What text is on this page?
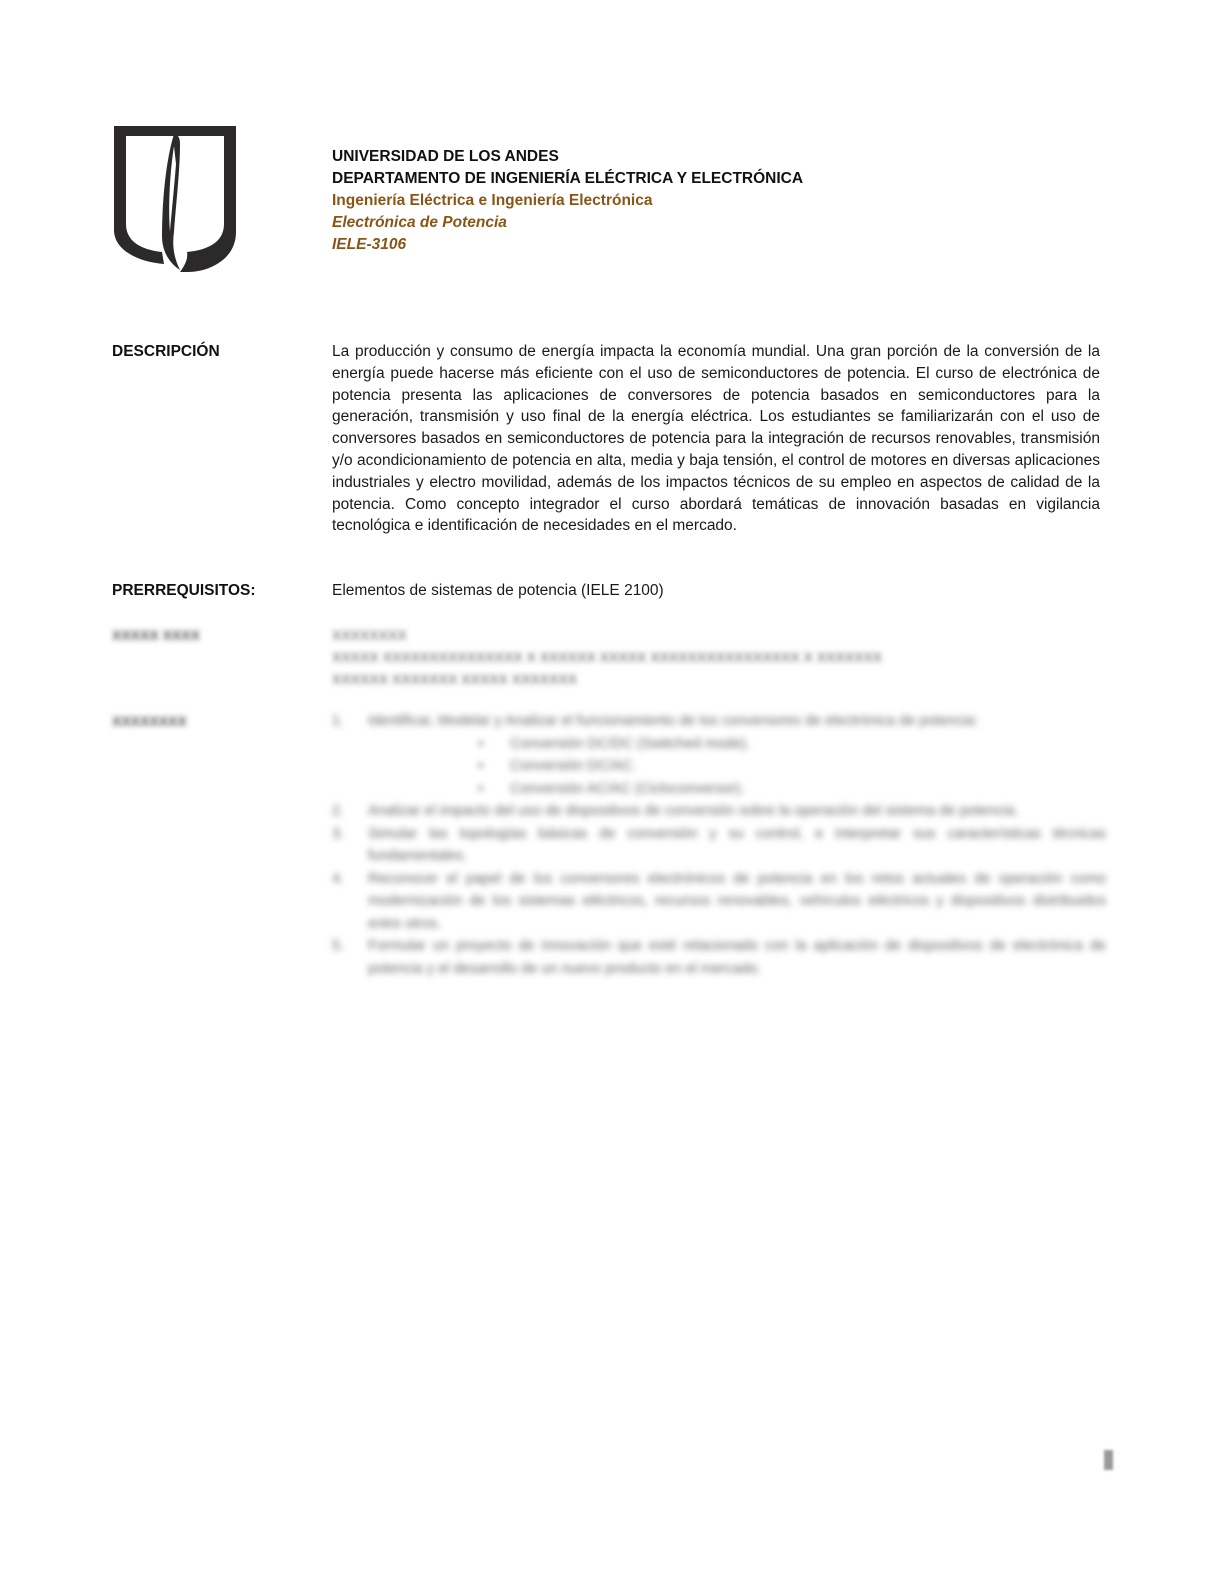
UNIVERSIDAD DE LOS ANDES
DEPARTAMENTO DE INGENIERÍA ELÉCTRICA Y ELECTRÓNICA
Ingeniería Eléctrica e Ingeniería Electrónica
Electrónica de Potencia
IELE-3106
DESCRIPCIÓN	La producción y consumo de energía impacta la economía mundial. Una gran porción de la conversión de la energía puede hacerse más eficiente con el uso de semiconductores de potencia. El curso de electrónica de potencia presenta las aplicaciones de conversores de potencia basados en semiconductores para la generación, transmisión y uso final de la energía eléctrica. Los estudiantes se familiarizarán con el uso de conversores basados en semiconductores de potencia para la integración de recursos renovables, transmisión y/o acondicionamiento de potencia en alta, media y baja tensión, el control de motores en diversas aplicaciones industriales y electro movilidad, además de los impactos técnicos de su empleo en aspectos de calidad de la potencia. Como concepto integrador el curso abordará temáticas de innovación basadas en vigilancia tecnológica e identificación de necesidades en el mercado.
PRERREQUISITOS:	Elementos de sistemas de potencia (IELE 2100)
XXXXX XXXX	XXXXXXXX
XXXXX XXXXXXXXXXXXXXX X XXXXXX XXXXX XXXXXXXXXXXXXXXX X XXXXXXX
XXXXXX XXXXXXX XXXXX XXXXXXX
XXXXXXXX	1.	Identificar, Modelar y Analizar el funcionamiento de los conversores de electrónica de potencia:
▪	Conversión DC/DC (Switched mode).
▪	Conversión DC/AC.
▪	Conversión AC/AC (Cicloconversor).
2.	Analizar el impacto del uso de dispositivos de conversión sobre la operación del sistema de potencia.
3.	Simular las topologías básicas de conversión y su control, e interpretar sus características técnicas fundamentales.
4.	Reconocer el papel de los conversores electrónicos de potencia en los retos actuales de operación como modernización de los sistemas eléctricos, recursos renovables, vehículos eléctricos y dispositivos distribuidos entre otros.
5.	Formular un proyecto de innovación que esté relacionado con la aplicación de dispositivos de electrónica de potencia y el desarrollo de un nuevo producto en el mercado.
